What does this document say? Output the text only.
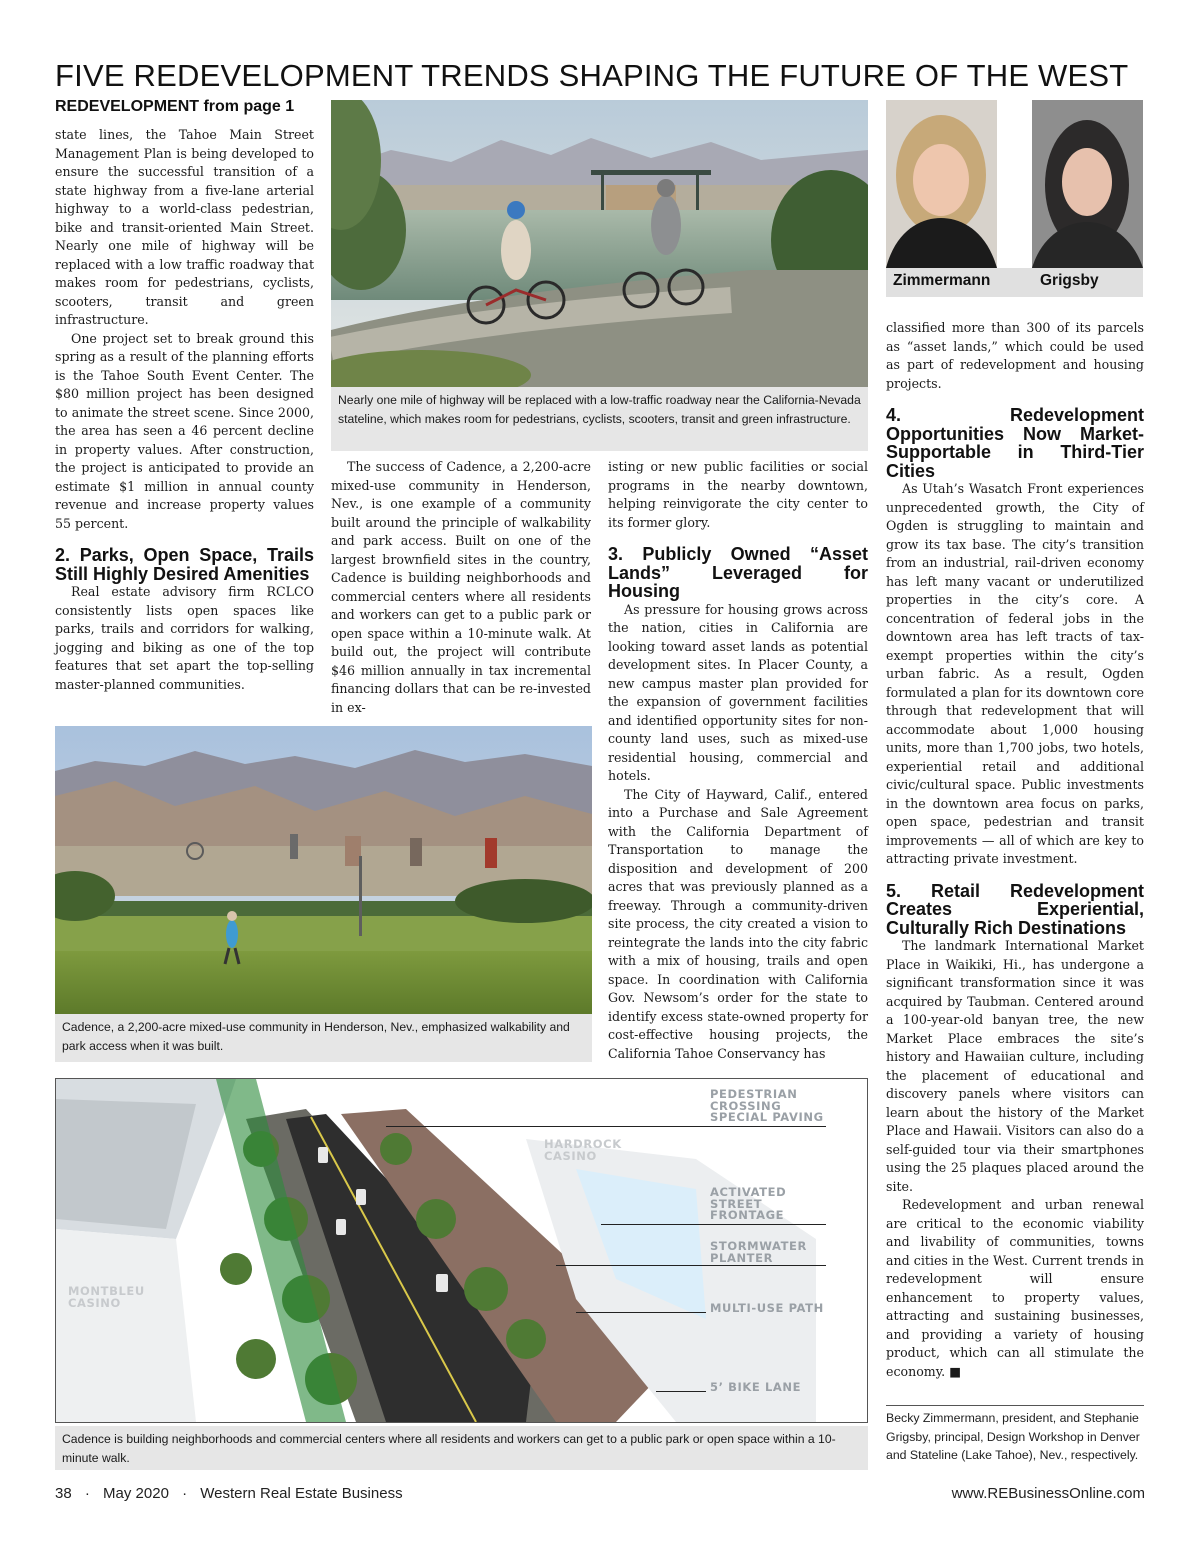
FIVE REDEVELOPMENT TRENDS SHAPING THE FUTURE OF THE WEST
REDEVELOPMENT from page 1

state lines, the Tahoe Main Street Management Plan is being developed to ensure the successful transition of a state highway from a five-lane arterial highway to a world-class pedestrian, bike and transit-oriented Main Street. Nearly one mile of highway will be replaced with a low traffic roadway that makes room for pedestrians, cyclists, scooters, transit and green infrastructure.

One project set to break ground this spring as a result of the planning efforts is the Tahoe South Event Center. The $80 million project has been designed to animate the street scene. Since 2000, the area has seen a 46 percent decline in property values. After construction, the project is anticipated to provide an estimate $1 million in annual county revenue and increase property values 55 percent.

2. Parks, Open Space, Trails Still Highly Desired Amenities

Real estate advisory firm RCLCO consistently lists open spaces like parks, trails and corridors for walking, jogging and biking as one of the top features that set apart the top-selling master-planned communities.

Nearly one mile of highway will be replaced with a low-traffic roadway near the California-Nevada stateline, which makes room for pedestrians, cyclists, scooters, transit and green infrastructure.

The success of Cadence, a 2,200-acre mixed-use community in Henderson, Nev., is one example of a community built around the principle of walkability and park access. Built on one of the largest brownfield sites in the country, Cadence is building neighborhoods and commercial centers where all residents and workers can get to a public park or open space within a 10-minute walk. At build out, the project will contribute $46 million annually in tax incremental financing dollars that can be re-invested in ex-

isting or new public facilities or social programs in the nearby downtown, helping reinvigorate the city center to its former glory.

3. Publicly Owned “Asset Lands” Leveraged for Housing

As pressure for housing grows across the nation, cities in California are looking toward asset lands as potential development sites. In Placer County, a new campus master plan provided for the expansion of government facilities and identified opportunity sites for non-county land uses, such as mixed-use residential housing, commercial and hotels.

The City of Hayward, Calif., entered into a Purchase and Sale Agreement with the California Department of Transportation to manage the disposition and development of 200 acres that was previously planned as a freeway. Through a community-driven site process, the city created a vision to reintegrate the lands into the city fabric with a mix of housing, trails and open space. In coordination with California Gov. Newsom’s order for the state to identify excess state-owned property for cost-effective housing projects, the California Tahoe Conservancy has

Cadence, a 2,200-acre mixed-use community in Henderson, Nev., emphasized walkability and park access when it was built.
Zimmermann	Grigsby

classified more than 300 of its parcels as “asset lands,” which could be used as part of redevelopment and housing projects.

4. Redevelopment Opportunities Now Market-Supportable in Third-Tier Cities

As Utah’s Wasatch Front experiences unprecedented growth, the City of Ogden is struggling to maintain and grow its tax base. The city’s transition from an industrial, rail-driven economy has left many vacant or underutilized properties in the city’s core. A concentration of federal jobs in the downtown area has left tracts of tax-exempt properties within the city’s urban fabric. As a result, Ogden formulated a plan for its downtown core through that redevelopment that will accommodate about 1,000 housing units, more than 1,700 jobs, two hotels, experiential retail and additional civic/cultural space. Public investments in the downtown area focus on parks, open space, pedestrian and transit improvements — all of which are key to attracting private investment.

5. Retail Redevelopment Creates Experiential, Culturally Rich Destinations

The landmark International Market Place in Waikiki, Hi., has undergone a significant transformation since it was acquired by Taubman. Centered around a 100-year-old banyan tree, the new Market Place embraces the site’s history and Hawaiian culture, including the placement of educational and discovery panels where visitors can learn about the history of the Market Place and Hawaii. Visitors can also do a self-guided tour via their smartphones using the 25 plaques placed around the site.

Redevelopment and urban renewal are critical to the economic viability and livability of communities, towns and cities in the West. Current trends in redevelopment will ensure enhancement to property values, attracting and sustaining businesses, and providing a variety of housing product, which can all stimulate the economy. ■

Becky Zimmermann, president, and Stephanie Grigsby, principal, Design Workshop in Denver and Stateline (Lake Tahoe), Nev., respectively.
PEDESTRIAN
CROSSING
SPECIAL PAVING
HARDROCK
CASINO
ACTIVATED
STREET
FRONTAGE
STORMWATER
PLANTER
MULTI-USE PATH
5’ BIKE LANE
MONTBLEU
CASINO
Cadence is building neighborhoods and commercial centers where all residents and workers can get to a public park or open space within a 10-minute walk.
38 · May 2020 · Western Real Estate Business	www.REBusinessOnline.com
